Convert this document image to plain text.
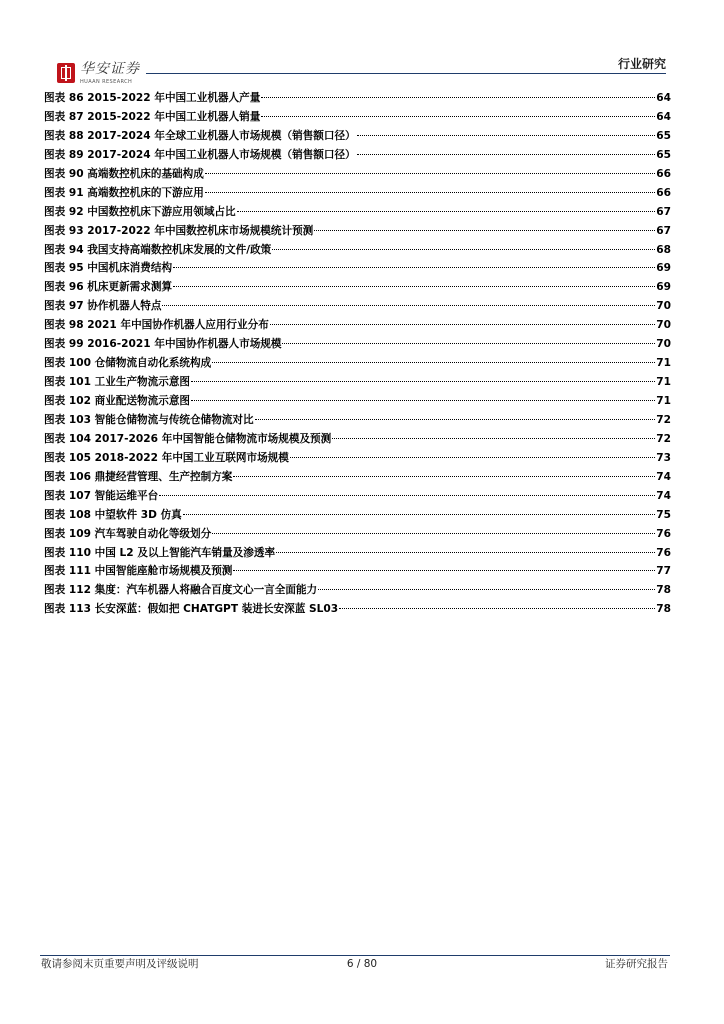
华安证券
HUAAN RESEARCH
行业研究
图表 86 2015-2022 年中国工业机器人产量	64
图表 87 2015-2022 年中国工业机器人销量	64
图表 88 2017-2024 年全球工业机器人市场规模（销售额口径）	65
图表 89 2017-2024 年中国工业机器人市场规模（销售额口径）	65
图表 90 高端数控机床的基础构成	66
图表 91 高端数控机床的下游应用	66
图表 92 中国数控机床下游应用领域占比	67
图表 93 2017-2022 年中国数控机床市场规模统计预测	67
图表 94 我国支持高端数控机床发展的文件/政策	68
图表 95 中国机床消费结构	69
图表 96 机床更新需求测算	69
图表 97 协作机器人特点	70
图表 98 2021 年中国协作机器人应用行业分布	70
图表 99 2016-2021 年中国协作机器人市场规模	70
图表 100 仓储物流自动化系统构成	71
图表 101 工业生产物流示意图	71
图表 102 商业配送物流示意图	71
图表 103 智能仓储物流与传统仓储物流对比	72
图表 104 2017-2026 年中国智能仓储物流市场规模及预测	72
图表 105 2018-2022 年中国工业互联网市场规模	73
图表 106 鼎捷经营管理、生产控制方案	74
图表 107 智能运维平台	74
图表 108 中望软件 3D 仿真	75
图表 109 汽车驾驶自动化等级划分	76
图表 110 中国 L2 及以上智能汽车销量及渗透率	76
图表 111 中国智能座舱市场规模及预测	77
图表 112 集度：汽车机器人将融合百度文心一言全面能力	78
图表 113 长安深蓝：假如把 CHATGPT 装进长安深蓝 SL03	78
敬请参阅末页重要声明及评级说明	6 / 80	证券研究报告
